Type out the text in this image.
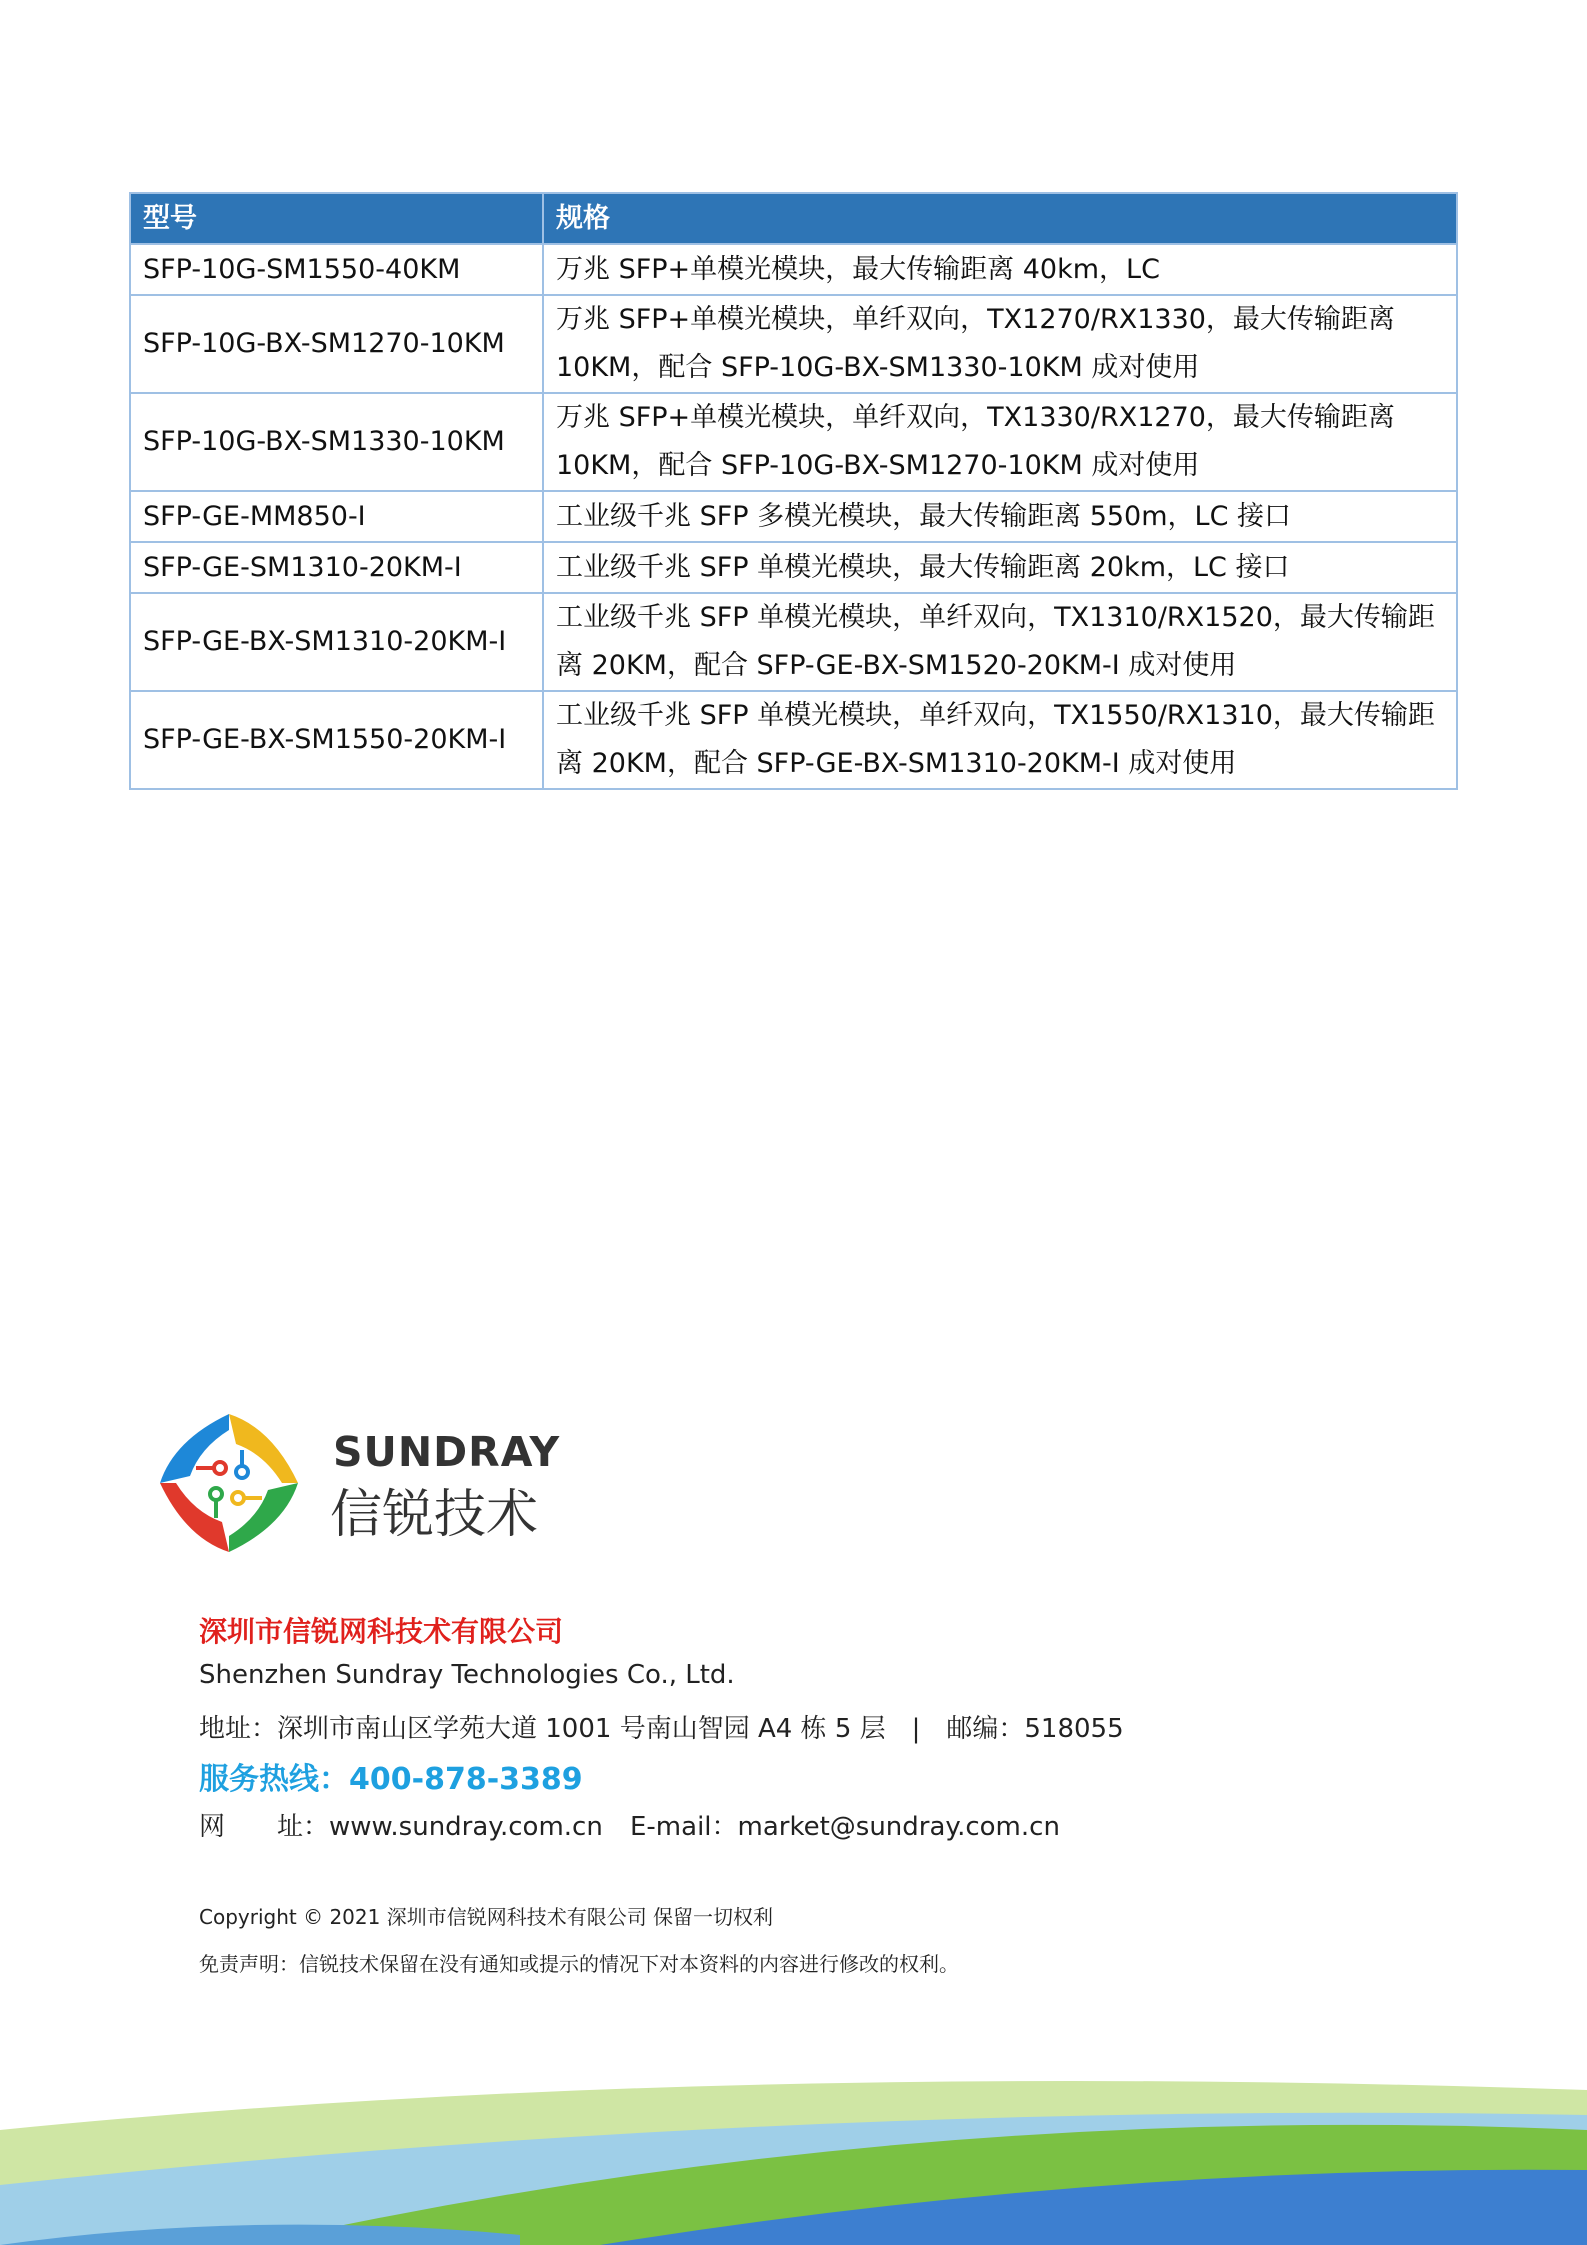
型号	规格
SFP-10G-SM1550-40KM	万兆 SFP+单模光模块，最大传输距离 40km，LC
SFP-10G-BX-SM1270-10KM	万兆 SFP+单模光模块，单纤双向，TX1270/RX1330，最大传输距离 10KM，配合 SFP-10G-BX-SM1330-10KM 成对使用
SFP-10G-BX-SM1330-10KM	万兆 SFP+单模光模块，单纤双向，TX1330/RX1270，最大传输距离 10KM，配合 SFP-10G-BX-SM1270-10KM 成对使用
SFP-GE-MM850-I	工业级千兆 SFP 多模光模块，最大传输距离 550m，LC 接口
SFP-GE-SM1310-20KM-I	工业级千兆 SFP 单模光模块，最大传输距离 20km，LC 接口
SFP-GE-BX-SM1310-20KM-I	工业级千兆 SFP 单模光模块，单纤双向，TX1310/RX1520，最大传输距离 20KM，配合 SFP-GE-BX-SM1520-20KM-I 成对使用
SFP-GE-BX-SM1550-20KM-I	工业级千兆 SFP 单模光模块，单纤双向，TX1550/RX1310，最大传输距离 20KM，配合 SFP-GE-BX-SM1310-20KM-I 成对使用
SUNDRAY
信锐技术
深圳市信锐网科技术有限公司
Shenzhen Sundray Technologies Co., Ltd.
地址：深圳市南山区学苑大道 1001 号南山智园 A4 栋 5 层　|　邮编：518055
服务热线：400-878-3389
网　　址：www.sundray.com.cn E-mail：market@sundray.com.cn
Copyright © 2021 深圳市信锐网科技术有限公司 保留一切权利
免责声明：信锐技术保留在没有通知或提示的情况下对本资料的内容进行修改的权利。
